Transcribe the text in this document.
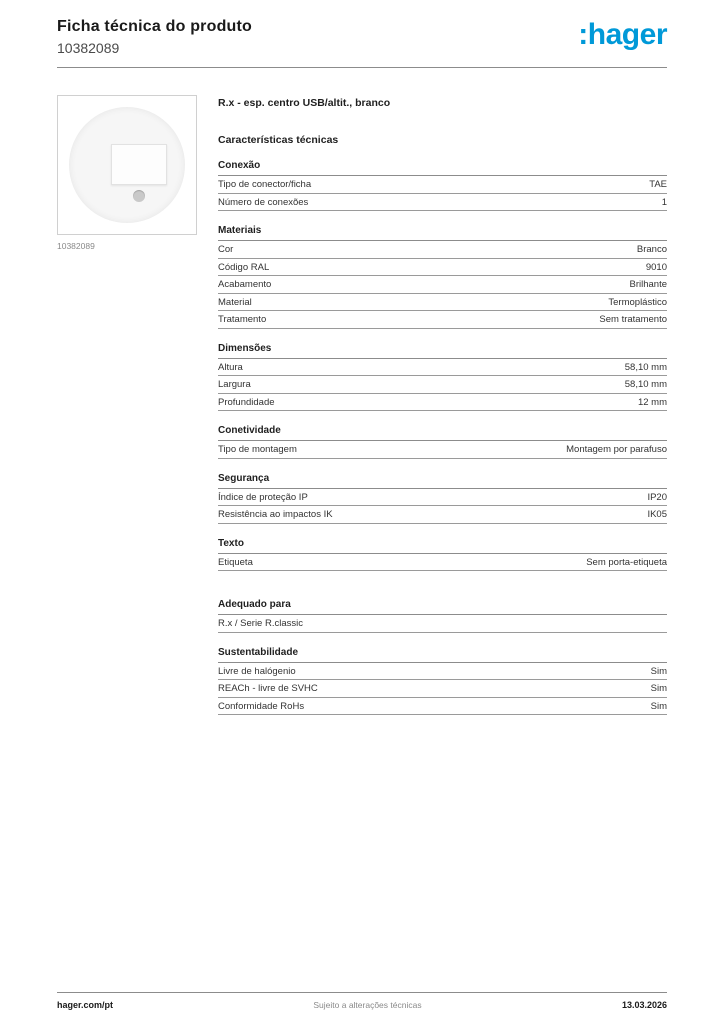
Ficha técnica do produto
10382089	:hager
10382089
R.x - esp. centro USB/altit., branco
Características técnicas
Conexão
Tipo de conector/ficha	TAE
Número de conexões	1
Materiais
Cor	Branco
Código RAL	9010
Acabamento	Brilhante
Material	Termoplástico
Tratamento	Sem tratamento
Dimensões
Altura	58,10 mm
Largura	58,10 mm
Profundidade	12 mm
Conetividade
Tipo de montagem	Montagem por parafuso
Segurança
Índice de proteção IP	IP20
Resistência ao impactos IK	IK05
Texto
Etiqueta	Sem porta-etiqueta
Adequado para
R.x / Serie R.classic
Sustentabilidade
Livre de halógenio	Sim
REACh - livre de SVHC	Sim
Conformidade RoHs	Sim
hager.com/pt	Sujeito a alterações técnicas	13.03.2026
